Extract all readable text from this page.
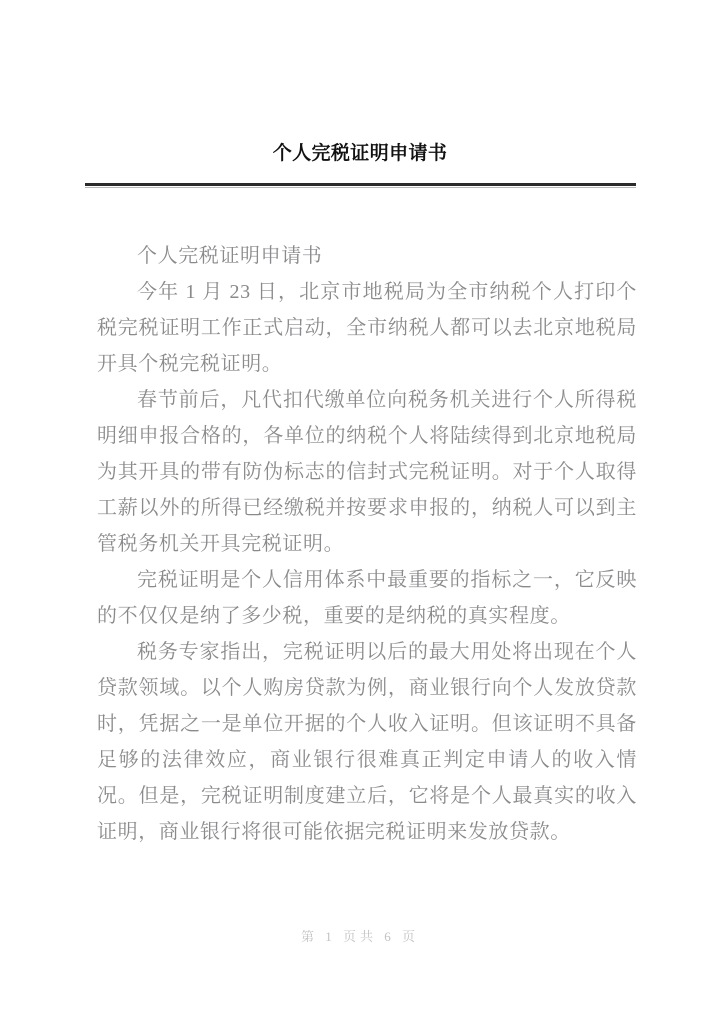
个人完税证明申请书

个人完税证明申请书

今年 1 月 23 日，北京市地税局为全市纳税个人打印个税完税证明工作正式启动，全市纳税人都可以去北京地税局开具个税完税证明。

春节前后，凡代扣代缴单位向税务机关进行个人所得税明细申报合格的，各单位的纳税个人将陆续得到北京地税局为其开具的带有防伪标志的信封式完税证明。对于个人取得工薪以外的所得已经缴税并按要求申报的，纳税人可以到主管税务机关开具完税证明。

完税证明是个人信用体系中最重要的指标之一，它反映的不仅仅是纳了多少税，重要的是纳税的真实程度。

税务专家指出，完税证明以后的最大用处将出现在个人贷款领域。以个人购房贷款为例，商业银行向个人发放贷款时，凭据之一是单位开据的个人收入证明。但该证明不具备足够的法律效应，商业银行很难真正判定申请人的收入情况。但是，完税证明制度建立后，它将是个人最真实的收入证明，商业银行将很可能依据完税证明来发放贷款。

第 1 页共 6 页
